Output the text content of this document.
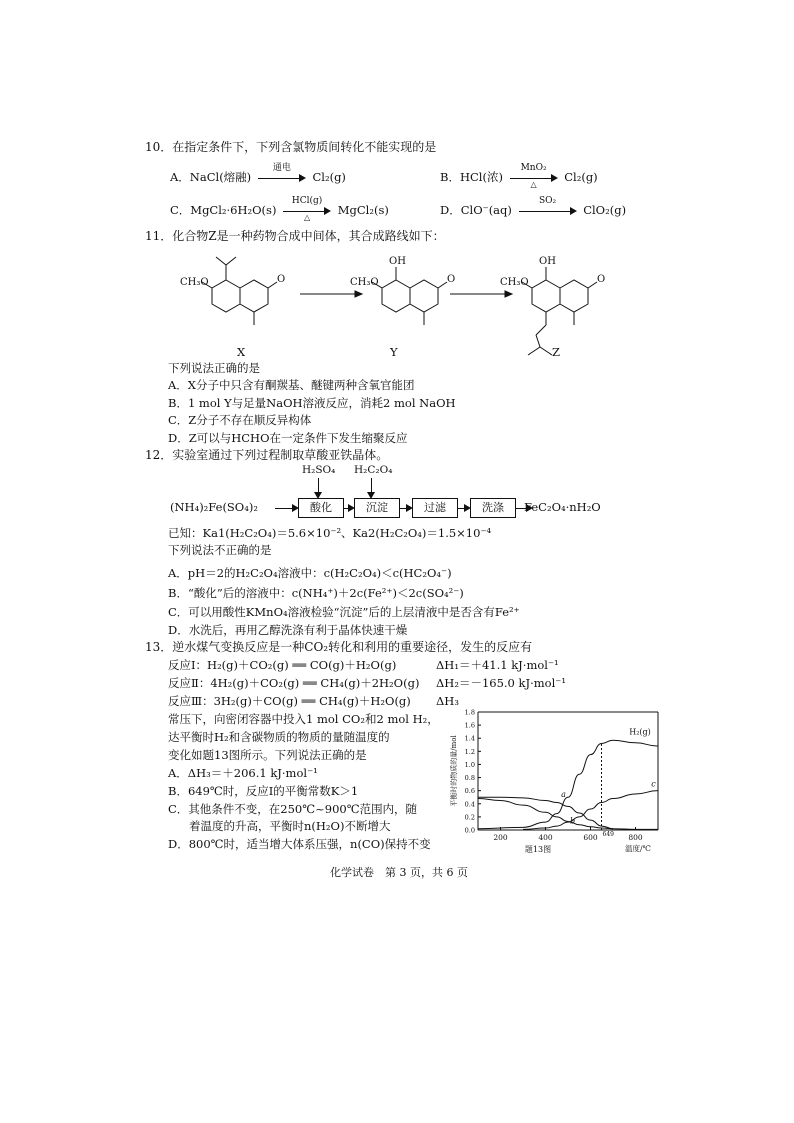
10．在指定条件下，下列含氯物质间转化不能实现的是
A．NaCl(熔融)
通电
Cl₂(g)	B．HCl(浓)
MnO₂
△
Cl₂(g)
C．MgCl₂·6H₂O(s)
HCl(g)
△
MgCl₂(s)	D．ClO⁻(aq)
SO₂
ClO₂(g)
11．化合物Z是一种药物合成中间体，其合成路线如下：
CH₃O	O	CH₃O
OH
O	CH₃O
OH
O
X	Y	Z
下列说法正确的是
A．X分子中只含有酮羰基、醚键两种含氧官能团
B．1 mol Y与足量NaOH溶液反应，消耗2 mol NaOH
C．Z分子不存在顺反异构体
D．Z可以与HCHO在一定条件下发生缩聚反应
12．实验室通过下列过程制取草酸亚铁晶体。
H₂SO₄ H₂C₂O₄
(NH₄)₂Fe(SO₄)₂	酸化	沉淀	过滤	洗涤	FeC₂O₄·nH₂O
已知：Ka1(H₂C₂O₄)＝5.6×10⁻²、Ka2(H₂C₂O₄)＝1.5×10⁻⁴
下列说法不正确的是
A．pH＝2的H₂C₂O₄溶液中：c(H₂C₂O₄)＜c(HC₂O₄⁻)
B．“酸化”后的溶液中：c(NH₄⁺)＋2c(Fe²⁺)＜2c(SO₄²⁻)
C．可以用酸性KMnO₄溶液检验“沉淀”后的上层清液中是否含有Fe²⁺
D．水洗后，再用乙醇洗涤有利于晶体快速干燥
13．逆水煤气变换反应是一种CO₂转化和利用的重要途径，发生的反应有
反应Ⅰ：H₂(g)＋CO₂(g) ══ CO(g)＋H₂O(g)	ΔH₁＝＋41.1 kJ·mol⁻¹
反应Ⅱ：4H₂(g)＋CO₂(g) ══ CH₄(g)＋2H₂O(g) ΔH₂＝－165.0 kJ·mol⁻¹
反应Ⅲ：3H₂(g)＋CO(g) ══ CH₄(g)＋H₂O(g) ΔH₃
常压下，向密闭容器中投入1 mol CO₂和2 mol H₂，
达平衡时H₂和含碳物质的物质的量随温度的
变化如题13图所示。下列说法正确的是
A．ΔH₃＝＋206.1 kJ·mol⁻¹
B．649℃时，反应Ⅰ的平衡常数K＞1
C．其他条件不变，在250℃~900℃范围内，随
着温度的升高，平衡时n(H₂O)不断增大
D．800℃时，适当增大体系压强，n(CO)保持不变
0.0
0.2
0.4
0.6
0.8
1.0
1.2
1.4
1.6
1.8
200	400	600	800
649
H₂(g)
a
b
c
平衡时的物质的量/mol
温度/℃
题13图
化学试卷　第 3 页，共 6 页
